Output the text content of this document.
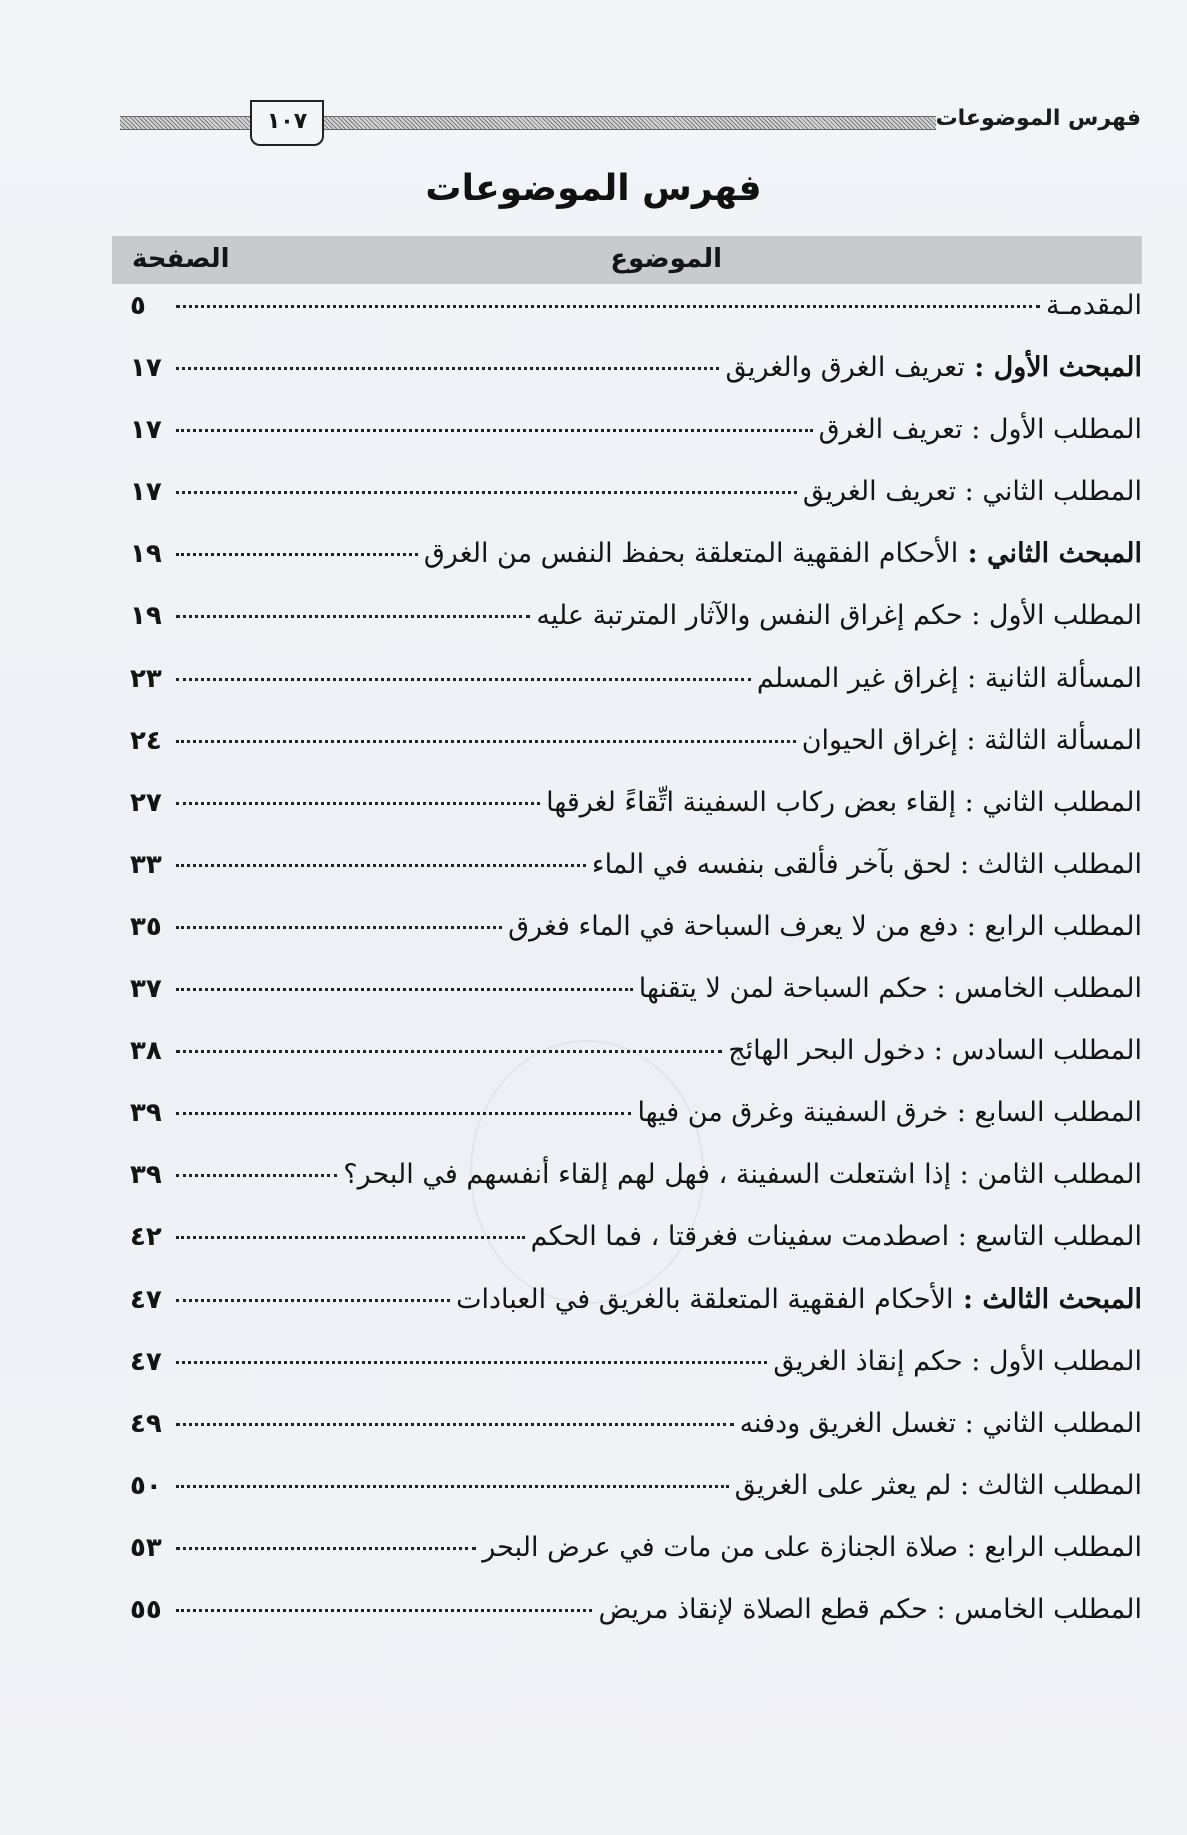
فهرس الموضوعات
١٠٧
فهرس الموضوعات
الموضوع
الصفحة
المقدمـة
٥
المبحث الأول : تعريف الغرق والغريق
١٧
المطلب الأول : تعريف الغرق
١٧
المطلب الثاني : تعريف الغريق
١٧
المبحث الثاني : الأحكام الفقهية المتعلقة بحفظ النفس من الغرق
١٩
المطلب الأول : حكم إغراق النفس والآثار المترتبة عليه
١٩
المسألة الثانية : إغراق غير المسلم
٢٣
المسألة الثالثة : إغراق الحيوان
٢٤
المطلب الثاني : إلقاء بعض ركاب السفينة اتِّقاءً لغرقها
٢٧
المطلب الثالث : لحق بآخر فألقى بنفسه في الماء
٣٣
المطلب الرابع : دفع من لا يعرف السباحة في الماء فغرق
٣٥
المطلب الخامس : حكم السباحة لمن لا يتقنها
٣٧
المطلب السادس : دخول البحر الهائج
٣٨
المطلب السابع : خرق السفينة وغرق من فيها
٣٩
المطلب الثامن : إذا اشتعلت السفينة ، فهل لهم إلقاء أنفسهم في البحر؟
٣٩
المطلب التاسع : اصطدمت سفينات فغرقتا ، فما الحكم
٤٢
المبحث الثالث : الأحكام الفقهية المتعلقة بالغريق في العبادات
٤٧
المطلب الأول : حكم إنقاذ الغريق
٤٧
المطلب الثاني : تغسل الغريق ودفنه
٤٩
المطلب الثالث : لم يعثر على الغريق
٥٠
المطلب الرابع : صلاة الجنازة على من مات في عرض البحر
٥٣
المطلب الخامس : حكم قطع الصلاة لإنقاذ مريض
٥٥
